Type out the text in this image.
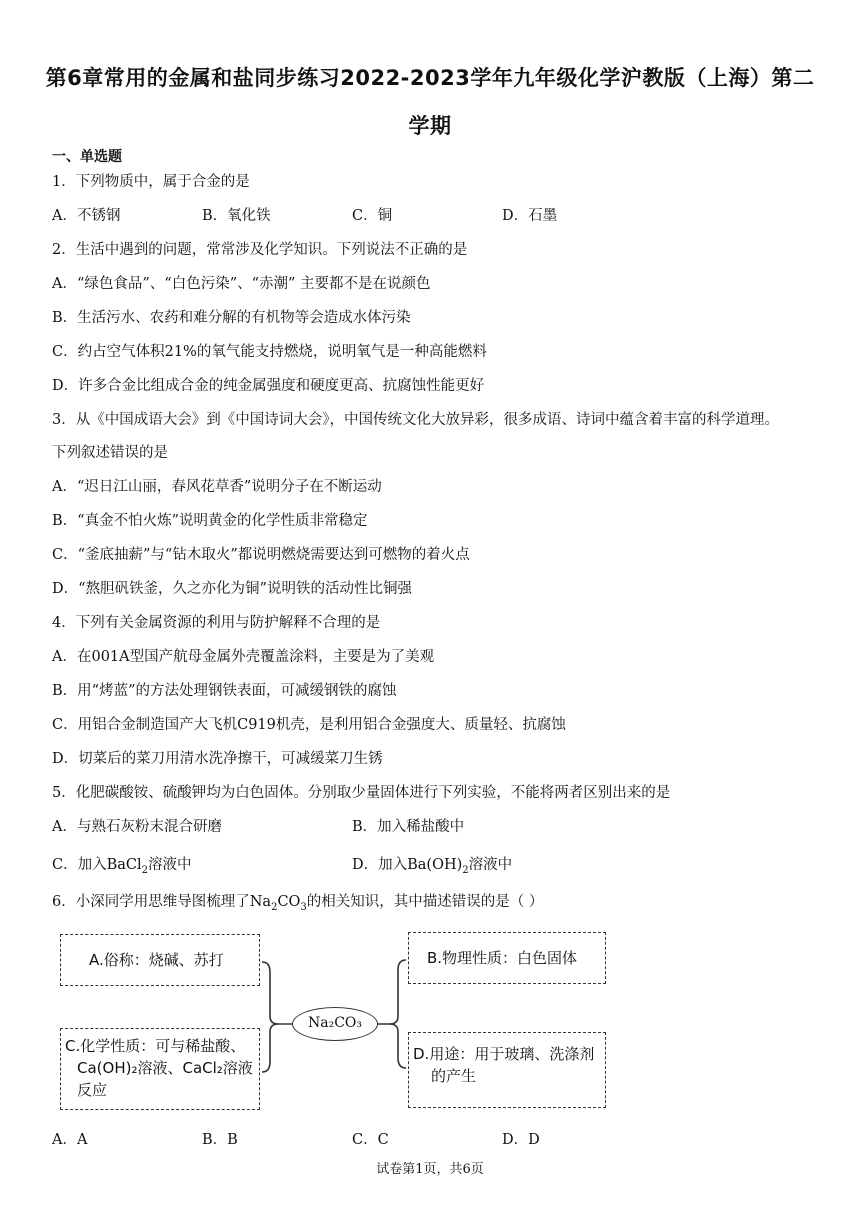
第6章常用的金属和盐同步练习2022-2023学年九年级化学沪教版（上海）第二
学期
一、单选题
1．下列物质中，属于合金的是
A．不锈钢	B．氧化铁	C．铜	D．石墨
2．生活中遇到的问题，常常涉及化学知识。下列说法不正确的是
A．“绿色食品”、“白色污染”、“赤潮” 主要都不是在说颜色
B．生活污水、农药和难分解的有机物等会造成水体污染
C．约占空气体积21%的氧气能支持燃烧，说明氧气是一种高能燃料
D．许多合金比组成合金的纯金属强度和硬度更高、抗腐蚀性能更好
3．从《中国成语大会》到《中国诗词大会》，中国传统文化大放异彩，很多成语、诗词中蕴含着丰富的科学道理。
下列叙述错误的是
A．“迟日江山丽，春风花草香”说明分子在不断运动
B．“真金不怕火炼”说明黄金的化学性质非常稳定
C．“釜底抽薪”与“钻木取火”都说明燃烧需要达到可燃物的着火点
D．“熬胆矾铁釜，久之亦化为铜”说明铁的活动性比铜强
4．下列有关金属资源的利用与防护解释不合理的是
A．在001A型国产航母金属外壳覆盖涂料，主要是为了美观
B．用“烤蓝”的方法处理钢铁表面，可减缓钢铁的腐蚀
C．用铝合金制造国产大飞机C919机壳，是利用铝合金强度大、质量轻、抗腐蚀
D．切菜后的菜刀用清水洗净擦干，可减缓菜刀生锈
5．化肥碳酸铵、硫酸钾均为白色固体。分别取少量固体进行下列实验，不能将两者区别出来的是
A．与熟石灰粉末混合研磨	B．加入稀盐酸中
C．加入BaCl$_2$溶液中	D．加入$Ba(OH)_2$溶液中
6．小深同学用思维导图梳理了$Na_2CO_3$的相关知识，其中描述错误的是（ ）
A.俗称：烧碱、苏打	B.物理性质：白色固体
C.化学性质：可与稀盐酸、
Ca(OH)₂溶液、CaCl₂溶液
反应
D.用途：用于玻璃、洗涤剂
的产生
Na₂CO₃
A．A	B．B	C．C	D．D
试卷第1页，共6页
